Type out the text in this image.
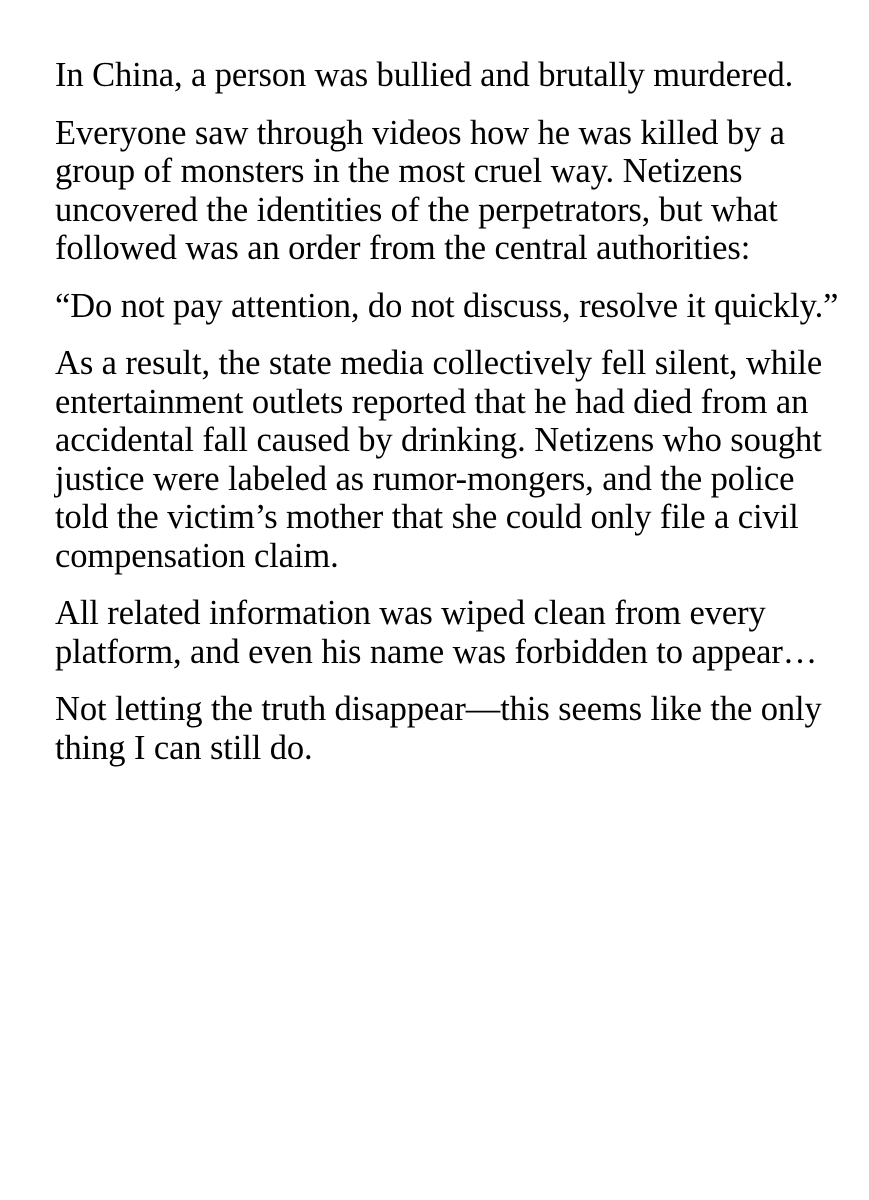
In China, a person was bullied and brutally murdered.

Everyone saw through videos how he was killed by a group of monsters in the most cruel way. Netizens uncovered the identities of the perpetrators, but what followed was an order from the central authorities:

“Do not pay attention, do not discuss, resolve it quickly.”

As a result, the state media collectively fell silent, while entertainment outlets reported that he had died from an accidental fall caused by drinking. Netizens who sought justice were labeled as rumor-mongers, and the police told the victim’s mother that she could only file a civil compensation claim.

All related information was wiped clean from every platform, and even his name was forbidden to appear…

Not letting the truth disappear—this seems like the only thing I can still do.
